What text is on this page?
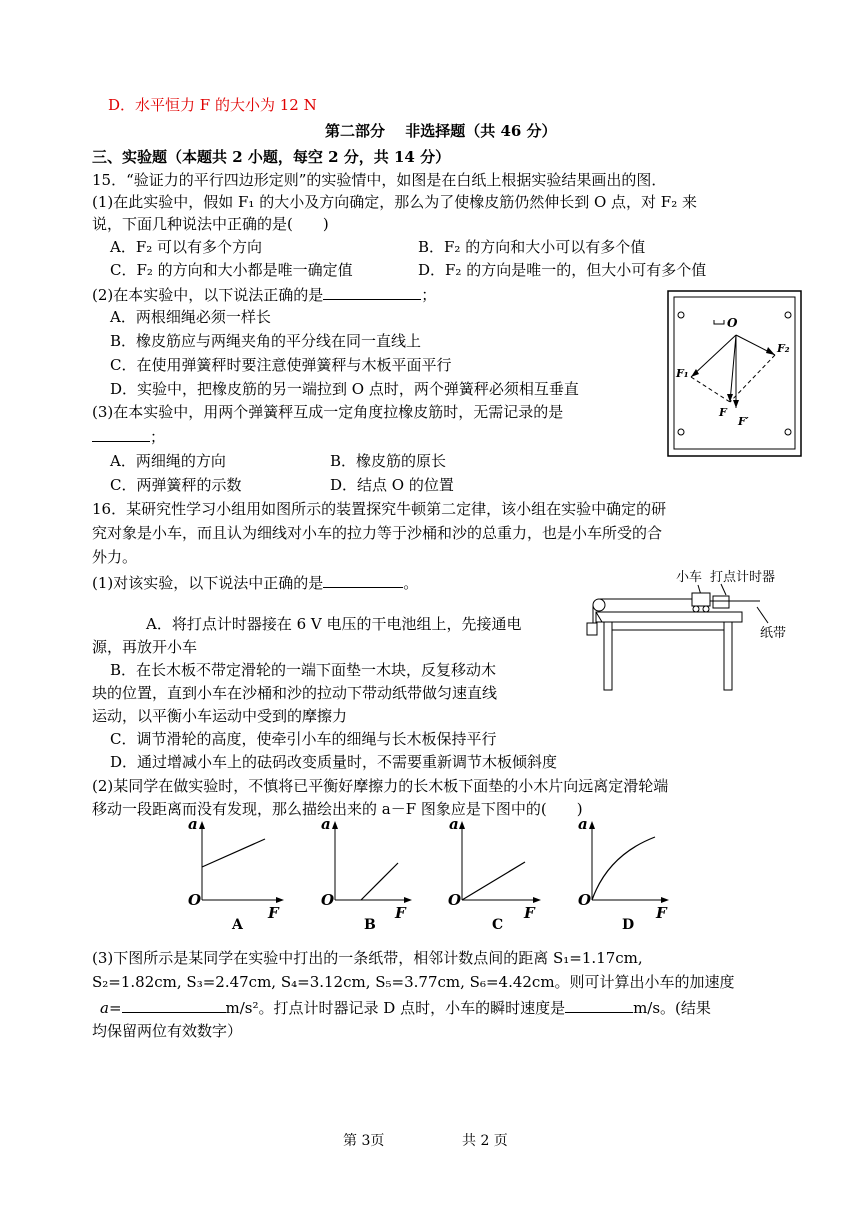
D．水平恒力 F 的大小为 12 N
第二部分　 非选择题（共 46 分）
三、实验题（本题共 2 小题，每空 2 分，共 14 分）
15．“验证力的平行四边形定则”的实验情中，如图是在白纸上根据实验结果画出的图．
(1)在此实验中，假如 F₁ 的大小及方向确定，那么为了使橡皮筋仍然伸长到 O 点，对 F₂ 来
说，下面几种说法中正确的是(　　)
A．F₂ 可以有多个方向	B．F₂ 的方向和大小可以有多个值
C．F₂ 的方向和大小都是唯一确定值	D．F₂ 的方向是唯一的，但大小可有多个值
(2)在本实验中，以下说法正确的是	；
A．两根细绳必须一样长
B．橡皮筋应与两绳夹角的平分线在同一直线上
C．在使用弹簧秤时要注意使弹簧秤与木板平面平行
D．实验中，把橡皮筋的另一端拉到 O 点时，两个弹簧秤必须相互垂直
(3)在本实验中，用两个弹簧秤互成一定角度拉橡皮筋时，无需记录的是
；
A．两细绳的方向	B．橡皮筋的原长
C．两弹簧秤的示数	D．结点 O 的位置
O
F₁
F₂
F
F′
16．某研究性学习小组用如图所示的装置探究牛顿第二定律，该小组在实验中确定的研
究对象是小车，而且认为细线对小车的拉力等于沙桶和沙的总重力，也是小车所受的合
外力。
(1)对该实验，以下说法中正确的是	。
A．将打点计时器接在 6 V 电压的干电池组上，先接通电
源，再放开小车
B．在长木板不带定滑轮的一端下面垫一木块，反复移动木
块的位置，直到小车在沙桶和沙的拉动下带动纸带做匀速直线
运动，以平衡小车运动中受到的摩擦力
C．调节滑轮的高度，使牵引小车的细绳与长木板保持平行
D．通过增减小车上的砝码改变质量时，不需要重新调节木板倾斜度
小车 打点计时器
纸带
(2)某同学在做实验时，不慎将已平衡好摩擦力的长木板下面垫的小木片向远离定滑轮端
移动一段距离而没有发现，那么描绘出来的 a－F 图象应是下图中的(　　)
a
O
F
A
a
O
F
B
a
O
F
C
a
O
F
D
(3)下图所示是某同学在实验中打出的一条纸带，相邻计数点间的距离 S₁=1.17cm,
S₂=1.82cm, S₃=2.47cm, S₄=3.12cm, S₅=3.77cm, S₆=4.42cm。则可计算出小车的加速度
a=	m/s²。打点计时器记录 D 点时，小车的瞬时速度是	m/s。(结果
均保留两位有效数字）
第 3页	共 2 页
